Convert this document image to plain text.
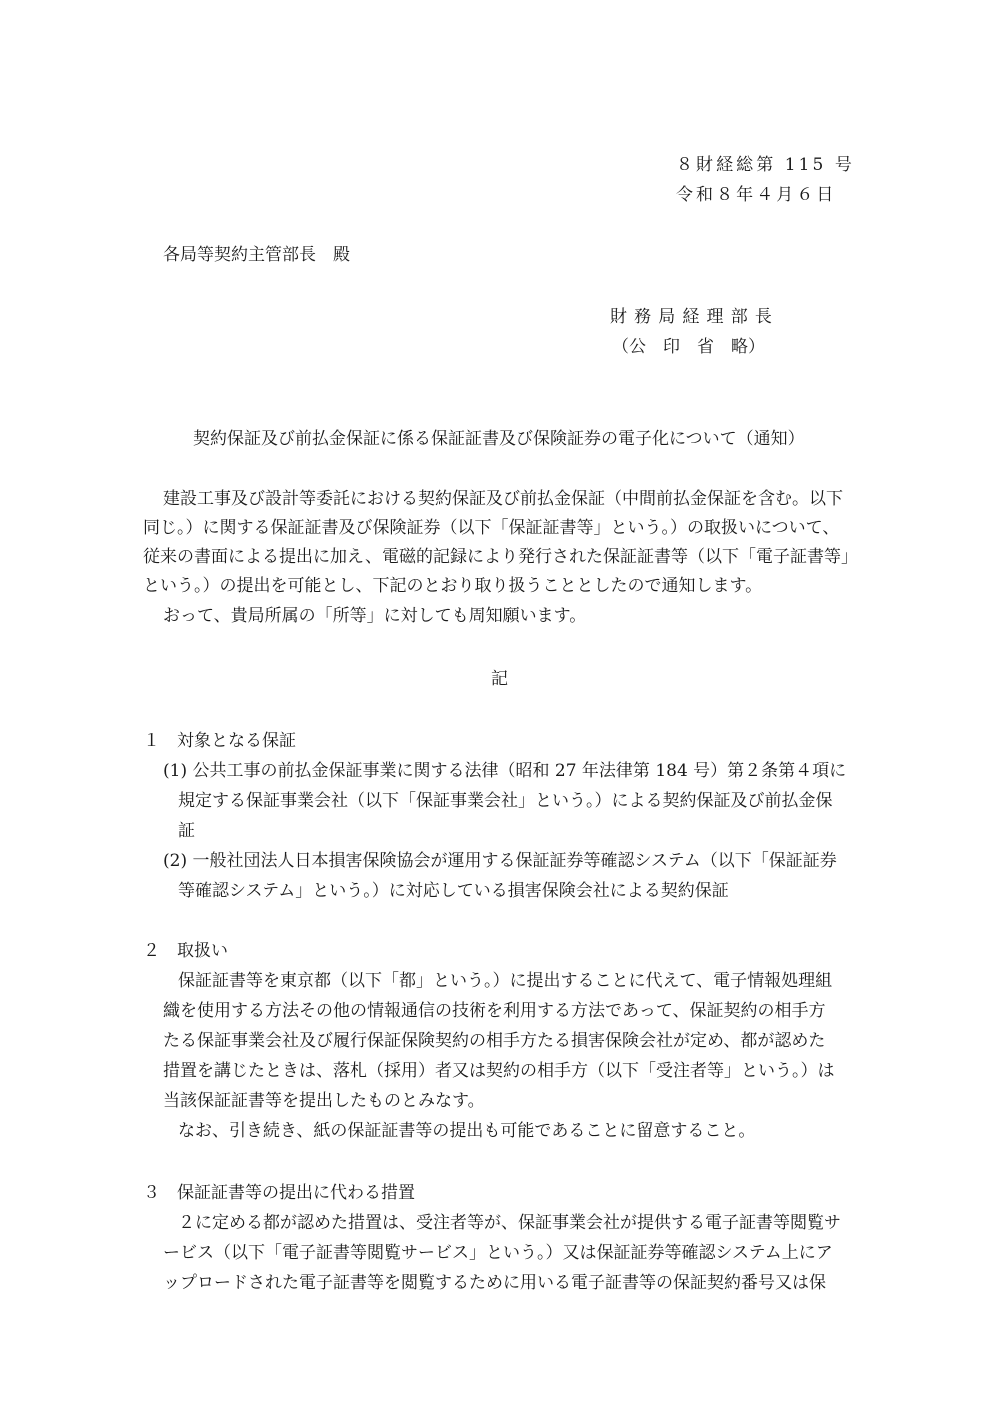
８財経総第 115 号
令和８年４月６日
各局等契約主管部長　殿
財務局経理部長
（公　印　省　略）
契約保証及び前払金保証に係る保証証書及び保険証券の電子化について（通知）
建設工事及び設計等委託における契約保証及び前払金保証（中間前払金保証を含む。以下
同じ。）に関する保証証書及び保険証券（以下「保証証書等」という。）の取扱いについて、
従来の書面による提出に加え、電磁的記録により発行された保証証書等（以下「電子証書等」
という。）の提出を可能とし、下記のとおり取り扱うこととしたので通知します。
おって、貴局所属の「所等」に対しても周知願います。
記
１　対象となる保証
(1) 公共工事の前払金保証事業に関する法律（昭和 27 年法律第 184 号）第２条第４項に
規定する保証事業会社（以下「保証事業会社」という。）による契約保証及び前払金保
証
(2) 一般社団法人日本損害保険協会が運用する保証証券等確認システム（以下「保証証券
等確認システム」という。）に対応している損害保険会社による契約保証
２　取扱い
保証証書等を東京都（以下「都」という。）に提出することに代えて、電子情報処理組
織を使用する方法その他の情報通信の技術を利用する方法であって、保証契約の相手方
たる保証事業会社及び履行保証保険契約の相手方たる損害保険会社が定め、都が認めた
措置を講じたときは、落札（採用）者又は契約の相手方（以下「受注者等」という。）は
当該保証証書等を提出したものとみなす。
なお、引き続き、紙の保証証書等の提出も可能であることに留意すること。
３　保証証書等の提出に代わる措置
２に定める都が認めた措置は、受注者等が、保証事業会社が提供する電子証書等閲覧サ
ービス（以下「電子証書等閲覧サービス」という。）又は保証証券等確認システム上にア
ップロードされた電子証書等を閲覧するために用いる電子証書等の保証契約番号又は保
